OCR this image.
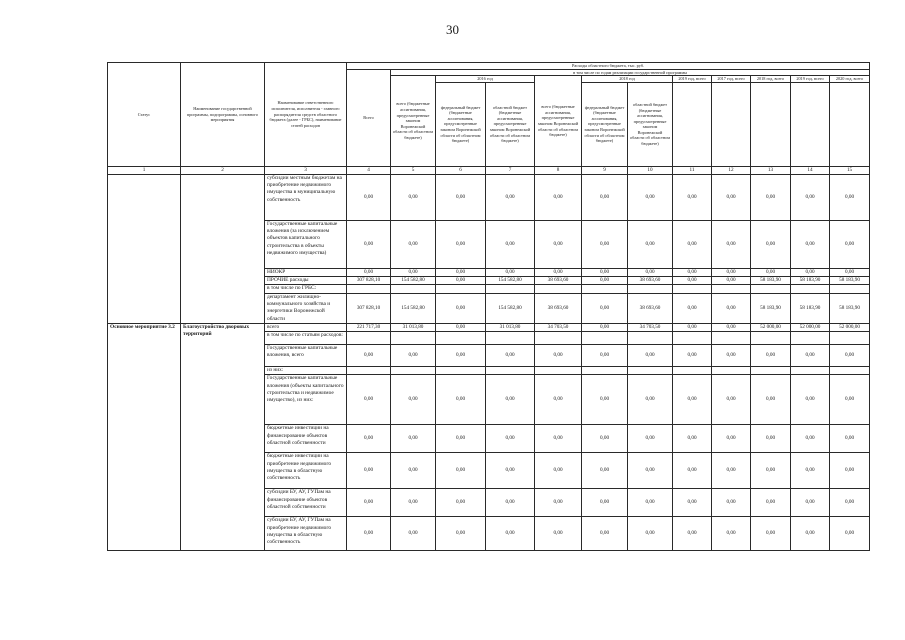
30
Статус	Наименование государственной программы, подпрограммы, основного мероприятия	Наименование ответственного исполнителя, исполнителя - главного распорядителя средств областного бюджета (далее - ГРБС), наименование статей расходов	Расходы областного бюджета, тыс. руб.											
			Всего	в том числе по годам реализации государственной программы										
				всего (бюджетные ассигнования, предусмотренные законом Воронежской области об областном бюджете)	2016 год		всего (бюджетные ассигнования, предусмотренные законом Воронежской области об областном бюджете)	2018 год		2019 год, всего	2017 год, всего	2018 год, всего	2019 год, всего	2020 год, всего
					федеральный бюджет (бюджетные ассигнования, предусмотренные законом Воронежской области об областном бюджете)	областной бюджет (бюджетные ассигнования, предусмотренные законом Воронежской области об областном бюджете)		федеральный бюджет (бюджетные ассигнования, предусмотренные законом Воронежской области об областном бюджете)	областной бюджет (бюджетные ассигнования, предусмотренные законом Воронежской области об областном бюджете)					
1	2	3	4	5	6	7	8	9	10	11	12	13	14	15
		субсидии местным бюджетам на приобретение недвижимого имущества в муниципальную собственность	0,00	0,00	0,00	0,00	0,00	0,00	0,00	0,00	0,00	0,00	0,00	0,00
		Государственные капитальные вложения (за исключением объектов капитального строительства в объекты недвижимого имущества)	0,00	0,00	0,00	0,00	0,00	0,00	0,00	0,00	0,00	0,00	0,00	0,00
		НИОКР	0,00	0,00	0,00	0,00	0,00	0,00	0,00	0,00	0,00	0,00	0,00	0,00
		ПРОЧИЕ расходы	307 828,10	154 582,80	0,00	154 582,80	38 693,60	0,00	38 693,60	0,00	0,00	58 183,90	58 183,90	58 183,90
		в том числе по ГРБС:												
		департамент жилищно-коммунального хозяйства и энергетики Воронежской области	307 828,10	154 582,80	0,00	154 582,80	38 693,60	0,00	38 693,60	0,00	0,00	58 183,90	58 183,90	58 183,90
Основное мероприятие 3.2	Благоустройство дворовых территорий	всего	221 717,30	31 013,80	0,00	31 013,80	34 703,50	0,00	34 703,50	0,00	0,00	52 000,00	52 000,00	52 000,00
		в том числе по статьям расходов:												
		Государственные капитальные вложения, всего	0,00	0,00	0,00	0,00	0,00	0,00	0,00	0,00	0,00	0,00	0,00	0,00
		из них:												
		Государственные капитальные вложения (объекты капитального строительства и недвижимое имущество), из них:	0,00	0,00	0,00	0,00	0,00	0,00	0,00	0,00	0,00	0,00	0,00	0,00
		бюджетные инвестиции на финансирование объектов областной собственности	0,00	0,00	0,00	0,00	0,00	0,00	0,00	0,00	0,00	0,00	0,00	0,00
		бюджетные инвестиции на приобретение недвижимого имущества в областную собственность	0,00	0,00	0,00	0,00	0,00	0,00	0,00	0,00	0,00	0,00	0,00	0,00
		субсидии БУ, АУ, ГУПам на финансирование объектов областной собственности	0,00	0,00	0,00	0,00	0,00	0,00	0,00	0,00	0,00	0,00	0,00	0,00
		субсидии БУ, АУ, ГУПам на приобретение недвижимого имущества в областную собственность	0,00	0,00	0,00	0,00	0,00	0,00	0,00	0,00	0,00	0,00	0,00	0,00
